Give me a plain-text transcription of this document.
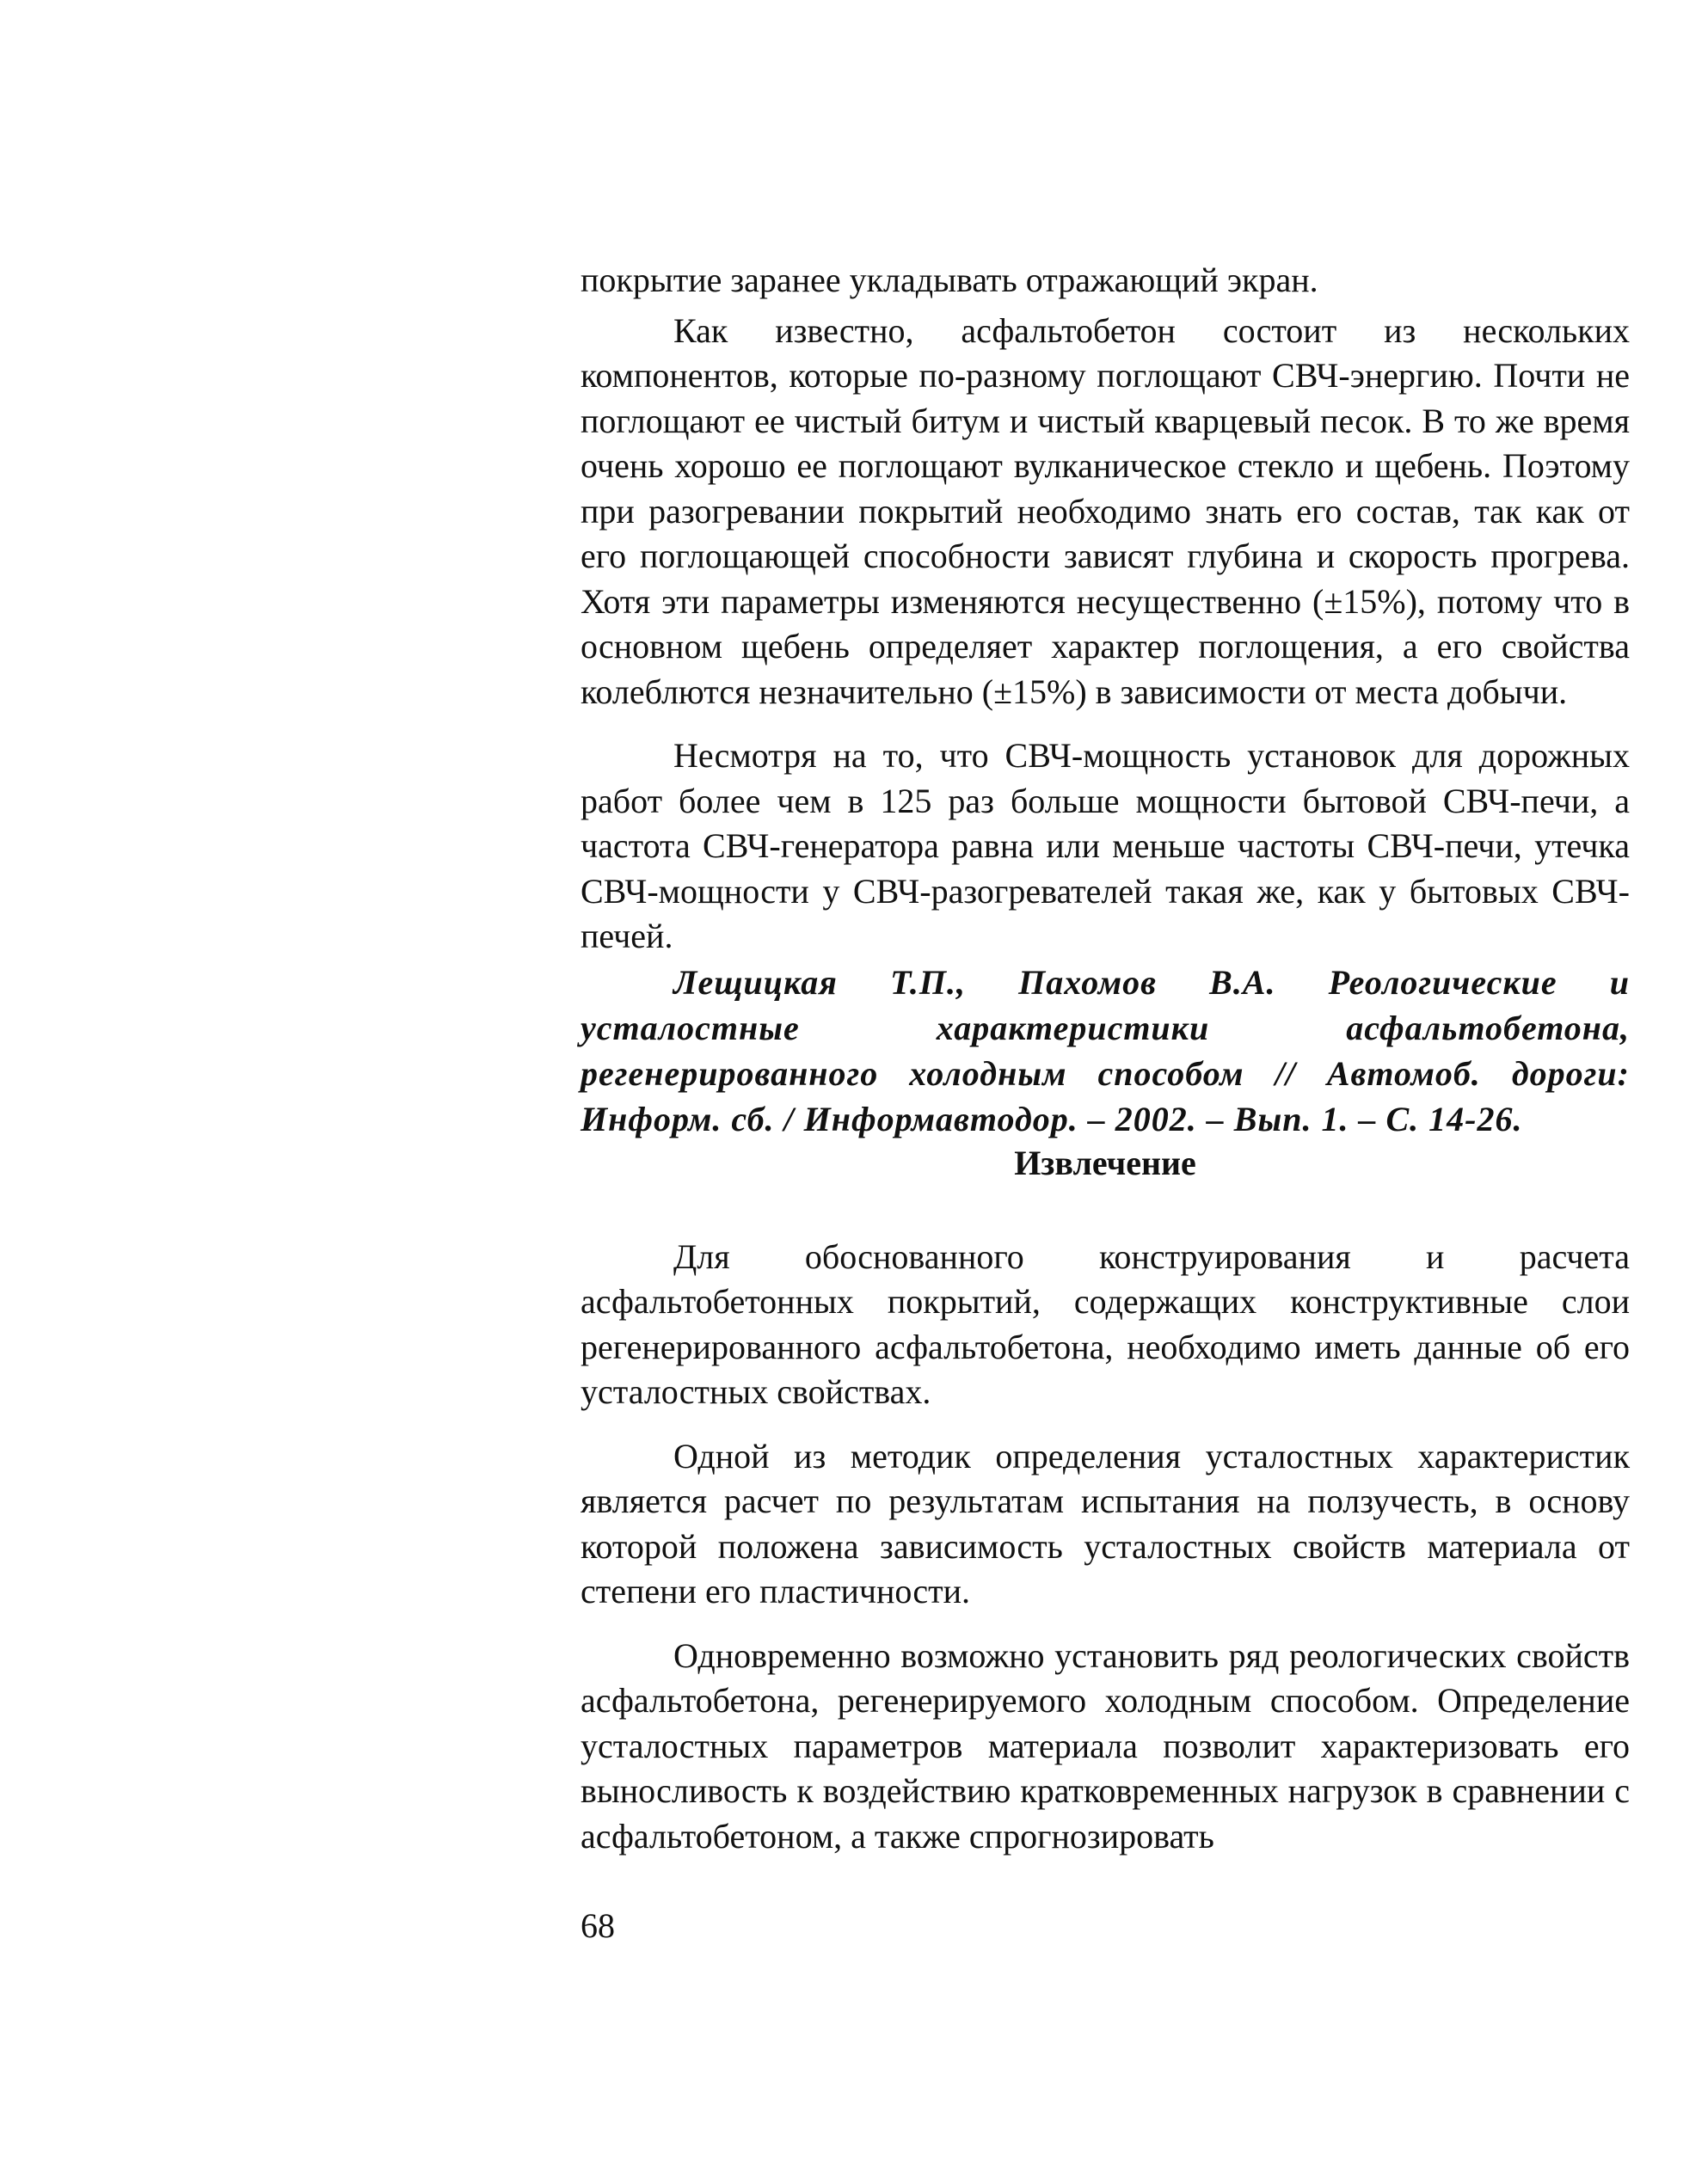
покрытие заранее укладывать отражающий экран.

Как известно, асфальтобетон состоит из нескольких компонентов, которые по-разному поглощают СВЧ-энергию. Почти не поглощают ее чистый битум и чистый кварцевый песок. В то же время очень хорошо ее поглощают вулканическое стекло и щебень. Поэтому при разогревании покрытий необходимо знать его состав, так как от его поглощающей способности зависят глубина и скорость прогрева. Хотя эти параметры изменяются несущественно (±15%), потому что в основном щебень определяет характер поглощения, а его свойства колеблются незначительно (±15%) в зависимости от места добычи.

Несмотря на то, что СВЧ-мощность установок для дорожных работ более чем в 125 раз больше мощности бытовой СВЧ-печи, а частота СВЧ-генератора равна или меньше частоты СВЧ-печи, утечка СВЧ-мощности у СВЧ-разогревателей такая же, как у бытовых СВЧ-печей.

Лещицкая Т.П., Пахомов В.А. Реологические и усталостные характеристики асфальтобетона, регенерированного холодным способом // Автомоб. дороги: Информ. сб. / Информавтодор. – 2002. – Вып. 1. – С. 14-26.

Извлечение

Для обоснованного конструирования и расчета асфальтобетонных покрытий, содержащих конструктивные слои регенерированного асфальтобетона, необходимо иметь данные об его усталостных свойствах.

Одной из методик определения усталостных характеристик является расчет по результатам испытания на ползучесть, в основу которой положена зависимость усталостных свойств материала от степени его пластичности.

Одновременно возможно установить ряд реологических свойств асфальтобетона, регенерируемого холодным способом. Определение усталостных параметров материала позволит характеризовать его выносливость к воздействию кратковременных нагрузок в сравнении с асфальтобетоном, а также спрогнозировать

68
